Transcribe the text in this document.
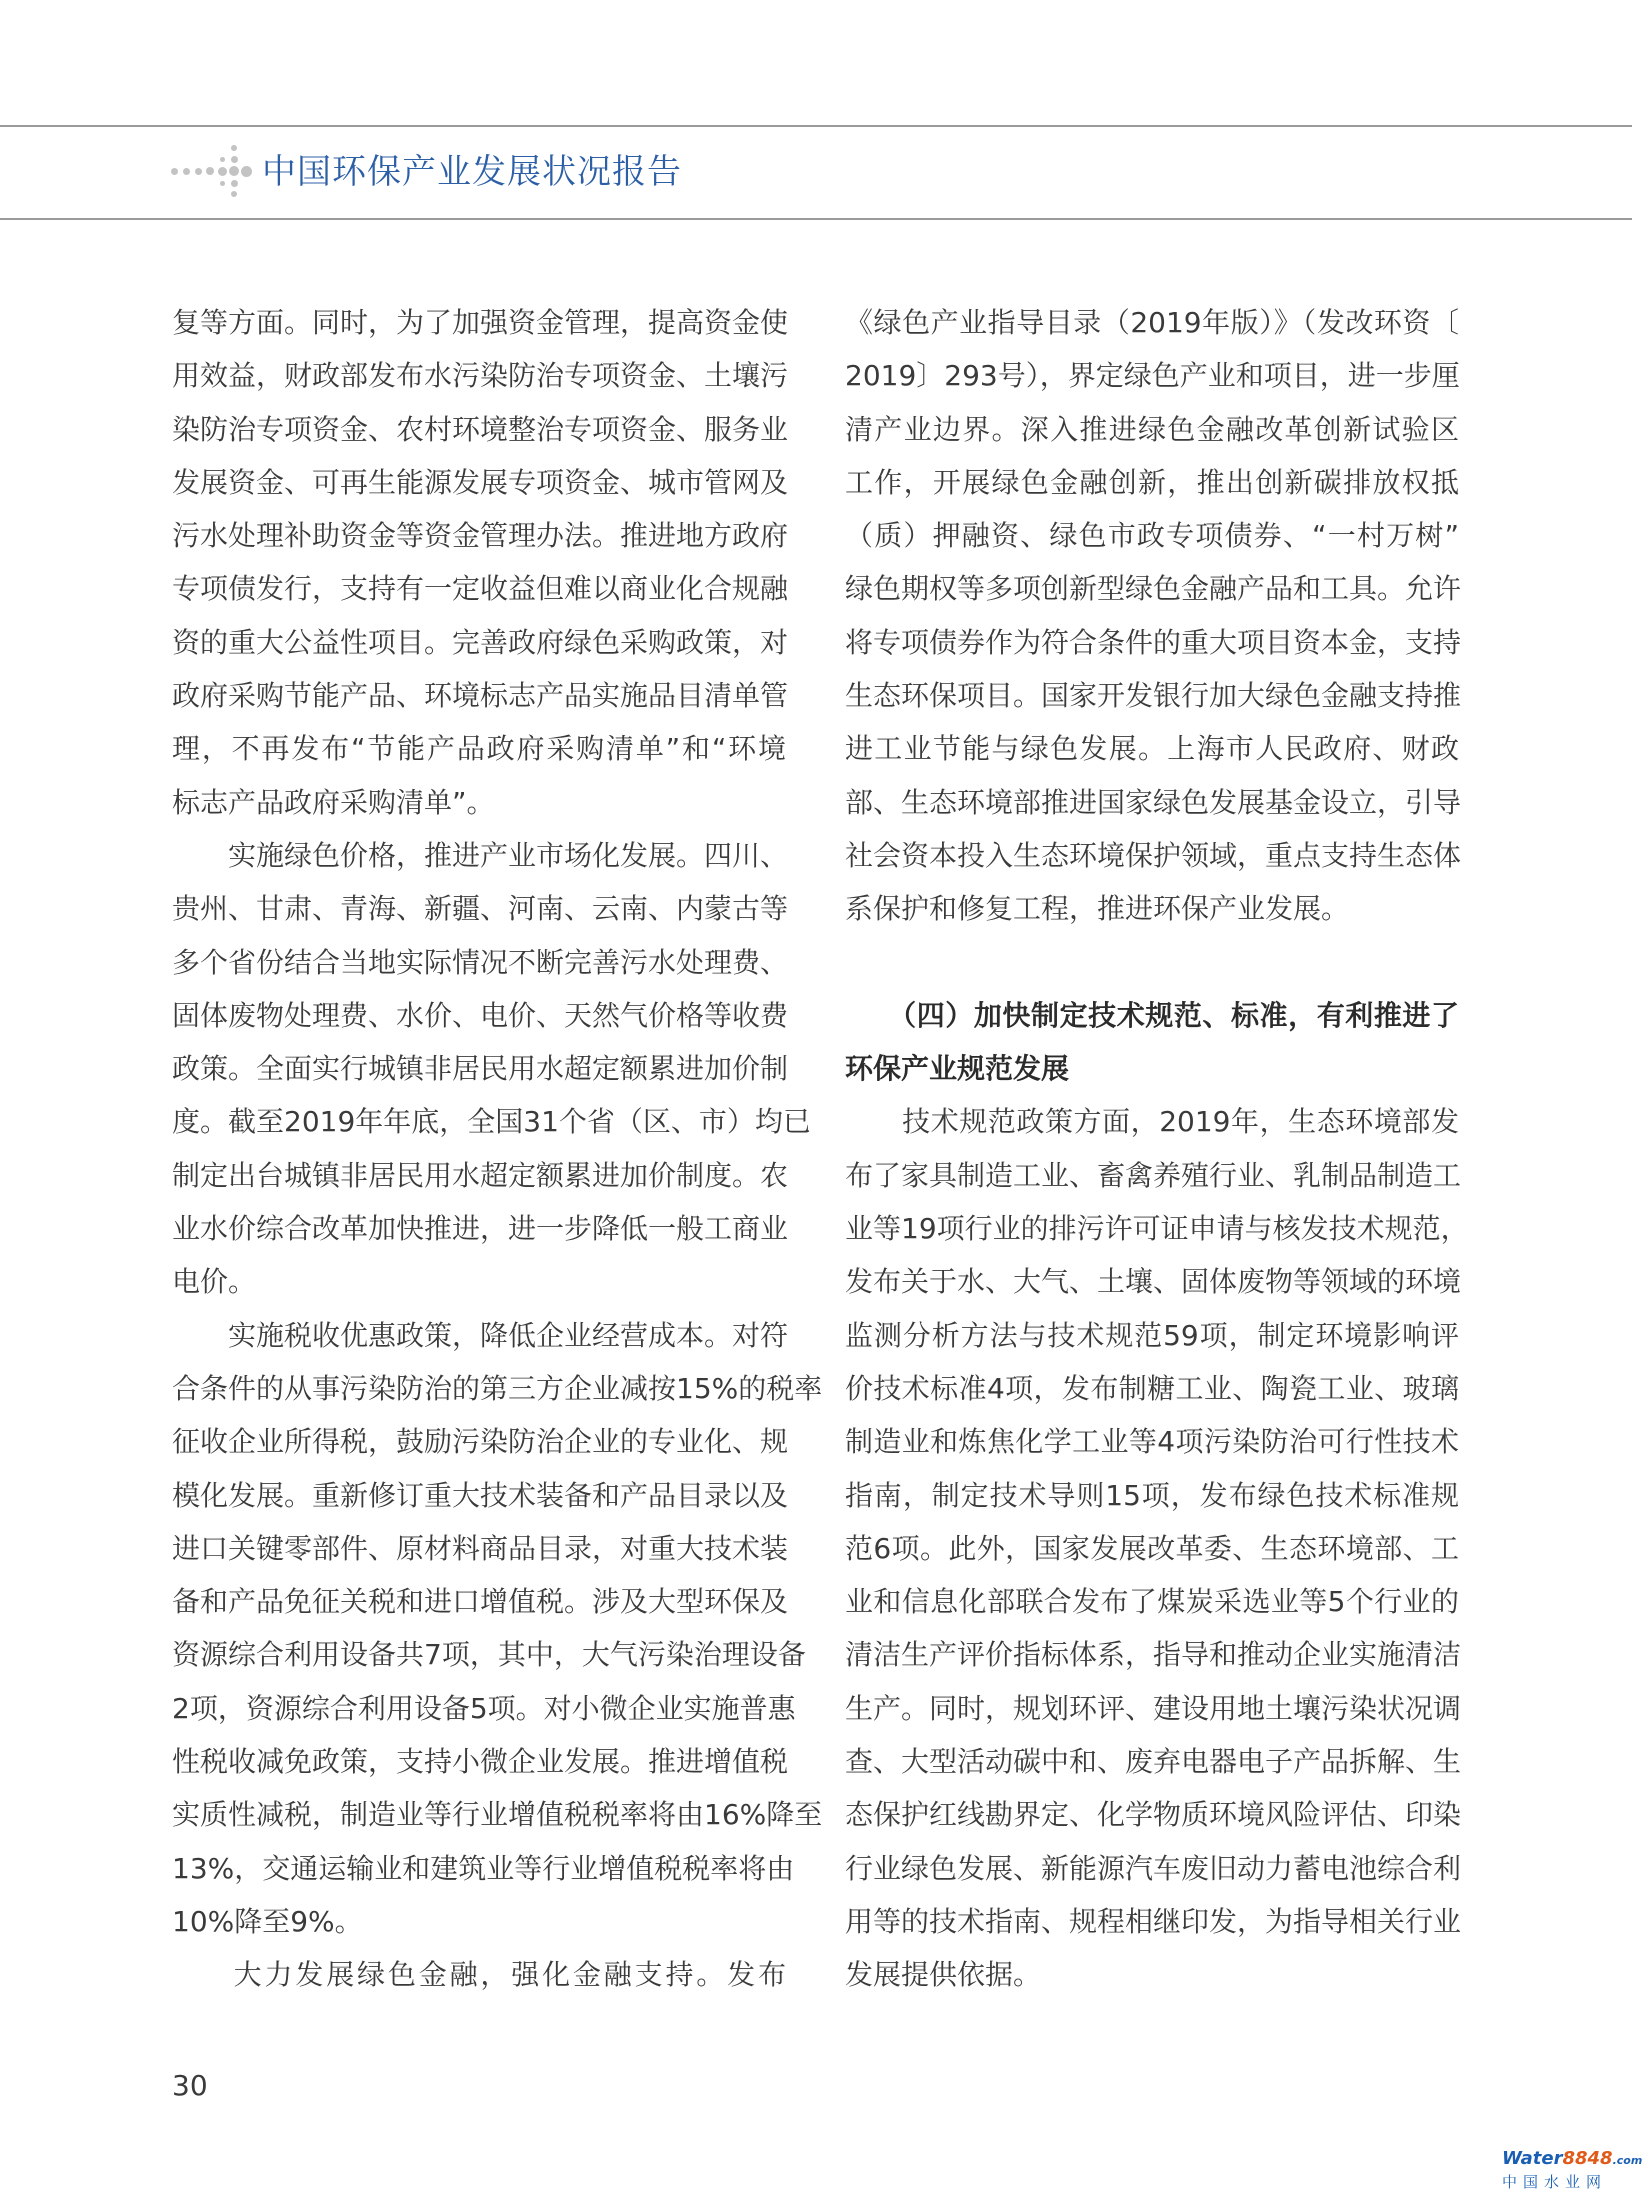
中国环保产业发展状况报告
复等方面。同时，为了加强资金管理，提高资金使
用效益，财政部发布水污染防治专项资金、土壤污
染防治专项资金、农村环境整治专项资金、服务业
发展资金、可再生能源发展专项资金、城市管网及
污水处理补助资金等资金管理办法。推进地方政府
专项债发行，支持有一定收益但难以商业化合规融
资的重大公益性项目。完善政府绿色采购政策，对
政府采购节能产品、环境标志产品实施品目清单管
理，不再发布“节能产品政府采购清单”和“环境
标志产品政府采购清单”。
　　实施绿色价格，推进产业市场化发展。四川、
贵州、甘肃、青海、新疆、河南、云南、内蒙古等
多个省份结合当地实际情况不断完善污水处理费、
固体废物处理费、水价、电价、天然气价格等收费
政策。全面实行城镇非居民用水超定额累进加价制
度。截至2019年年底，全国31个省（区、市）均已
制定出台城镇非居民用水超定额累进加价制度。农
业水价综合改革加快推进，进一步降低一般工商业
电价。
　　实施税收优惠政策，降低企业经营成本。对符
合条件的从事污染防治的第三方企业减按15%的税率
征收企业所得税，鼓励污染防治企业的专业化、规
模化发展。重新修订重大技术装备和产品目录以及
进口关键零部件、原材料商品目录，对重大技术装
备和产品免征关税和进口增值税。涉及大型环保及
资源综合利用设备共7项，其中，大气污染治理设备
2项，资源综合利用设备5项。对小微企业实施普惠
性税收减免政策，支持小微企业发展。推进增值税
实质性减税，制造业等行业增值税税率将由16%降至
13%，交通运输业和建筑业等行业增值税税率将由
10%降至9%。
　　大力发展绿色金融，强化金融支持。发布
《绿色产业指导目录（2019年版）》（发改环资〔
2019〕293号），界定绿色产业和项目，进一步厘
清产业边界。深入推进绿色金融改革创新试验区
工作，开展绿色金融创新，推出创新碳排放权抵
（质）押融资、绿色市政专项债券、“一村万树”
绿色期权等多项创新型绿色金融产品和工具。允许
将专项债券作为符合条件的重大项目资本金，支持
生态环保项目。国家开发银行加大绿色金融支持推
进工业节能与绿色发展。上海市人民政府、财政
部、生态环境部推进国家绿色发展基金设立，引导
社会资本投入生态环境保护领域，重点支持生态体
系保护和修复工程，推进环保产业发展。
　　（四）加快制定技术规范、标准，有利推进了
环保产业规范发展
　　技术规范政策方面，2019年，生态环境部发
布了家具制造工业、畜禽养殖行业、乳制品制造工
业等19项行业的排污许可证申请与核发技术规范，
发布关于水、大气、土壤、固体废物等领域的环境
监测分析方法与技术规范59项，制定环境影响评
价技术标准4项，发布制糖工业、陶瓷工业、玻璃
制造业和炼焦化学工业等4项污染防治可行性技术
指南，制定技术导则15项，发布绿色技术标准规
范6项。此外，国家发展改革委、生态环境部、工
业和信息化部联合发布了煤炭采选业等5个行业的
清洁生产评价指标体系，指导和推动企业实施清洁
生产。同时，规划环评、建设用地土壤污染状况调
查、大型活动碳中和、废弃电器电子产品拆解、生
态保护红线勘界定、化学物质环境风险评估、印染
行业绿色发展、新能源汽车废旧动力蓄电池综合利
用等的技术指南、规程相继印发，为指导相关行业
发展提供依据。
30
Water8848.com
中国水业网
